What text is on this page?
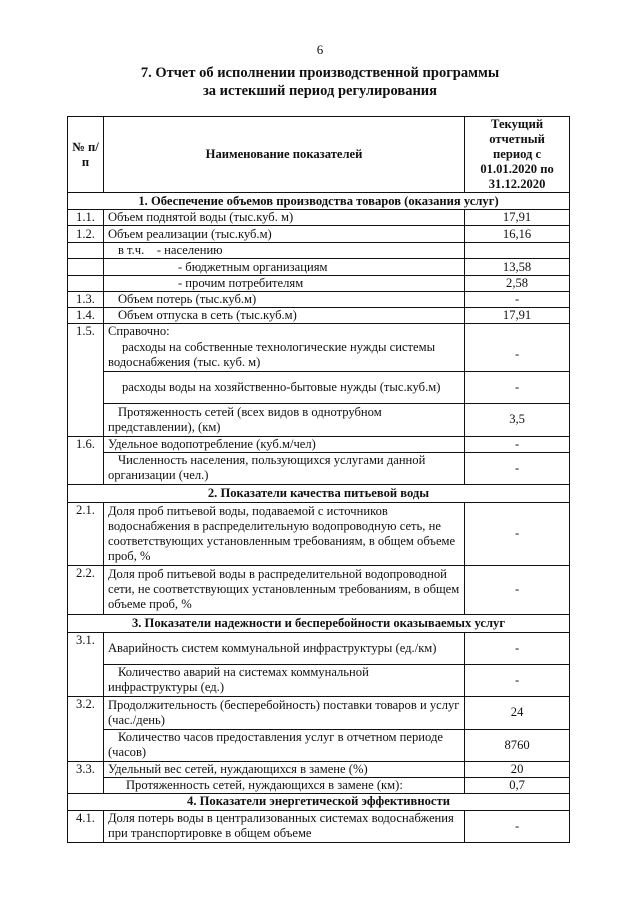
6
7. Отчет об исполнении производственной программы
за истекший период регулирования
№ п/п	Наименование показателей	Текущий отчетный период с 01.01.2020 по 31.12.2020
1. Обеспечение объемов производства товаров (оказания услуг)		
1.1.	Объем поднятой воды (тыс.куб. м)	17,91
1.2.	Объем реализации (тыс.куб.м)	16,16
	в т.ч.    - населению	
	- бюджетным организациям	13,58
	- прочим потребителям	2,58
1.3.	Объем потерь (тыс.куб.м)	-
1.4.	Объем отпуска в сеть (тыс.куб.м)	17,91
1.5.	Справочно:	
	расходы на собственные технологические нужды системы водоснабжения (тыс. куб. м)	-
	расходы воды на хозяйственно-бытовые нужды (тыс.куб.м)	-
	Протяженность сетей (всех видов в однотрубном представлении), (км)	3,5
1.6.	Удельное водопотребление (куб.м/чел)	-
	Численность населения, пользующихся услугами данной организации (чел.)	-
2. Показатели качества питьевой воды		
2.1.	Доля проб питьевой воды, подаваемой с источников водоснабжения в распределительную водопроводную сеть, не соответствующих установленным требованиям, в общем объеме проб, %	-
2.2.	Доля проб питьевой воды в распределительной водопроводной сети, не соответствующих установленным требованиям, в общем объеме проб, %	-
3. Показатели надежности и бесперебойности оказываемых услуг		
3.1.	Аварийность систем коммунальной инфраструктуры (ед./км)	-
	Количество аварий на системах коммунальной инфраструктуры (ед.)	-
3.2.	Продолжительность (бесперебойность) поставки товаров и услуг (час./день)	24
	Количество часов предоставления услуг в отчетном периоде (часов)	8760
3.3.	Удельный вес сетей, нуждающихся в замене (%)	20
	Протяженность сетей, нуждающихся в замене (км):	0,7
4. Показатели энергетической эффективности		
4.1.	Доля потерь воды в централизованных системах водоснабжения при транспортировке в общем объеме	-
